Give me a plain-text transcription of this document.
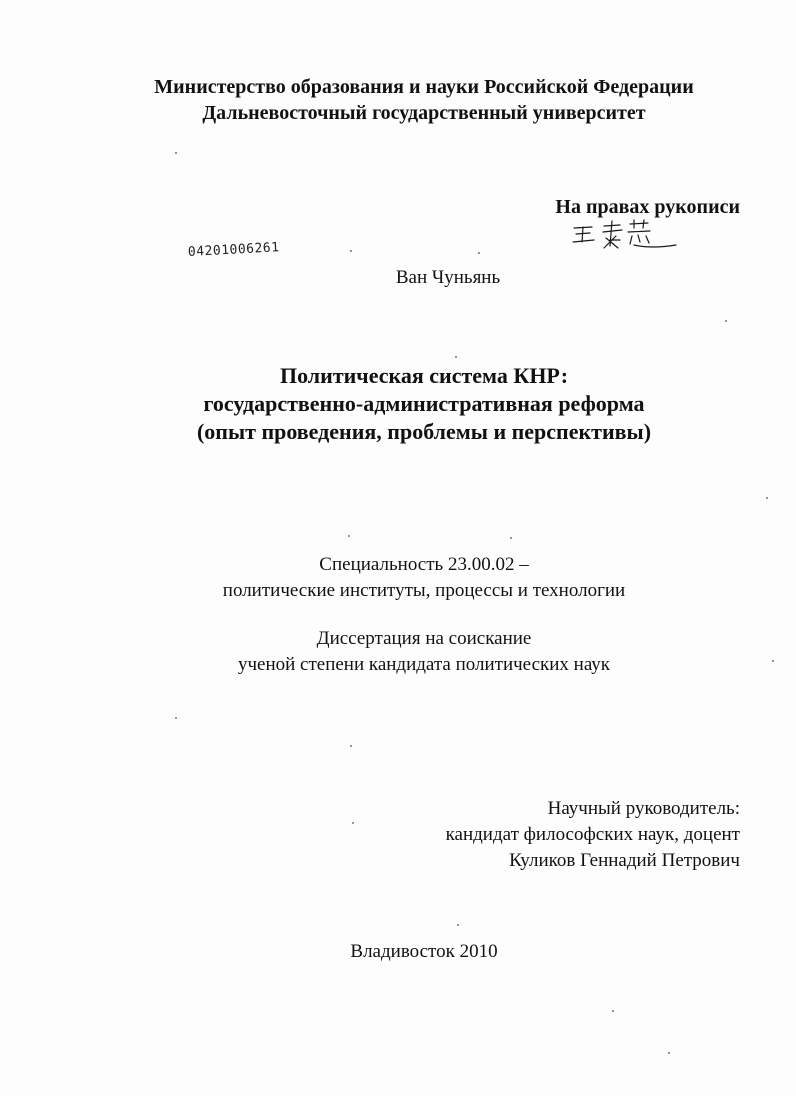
Министерство образования и науки Российской Федерации
Дальневосточный государственный университет
На правах рукописи
04201006261
Ван Чуньянь
Политическая система КНР:
государственно-административная реформа
(опыт проведения, проблемы и перспективы)
Специальность 23.00.02 –
политические институты, процессы и технологии
Диссертация на соискание
ученой степени кандидата политических наук
Научный руководитель:
кандидат философских наук, доцент
Куликов Геннадий Петрович
Владивосток 2010
